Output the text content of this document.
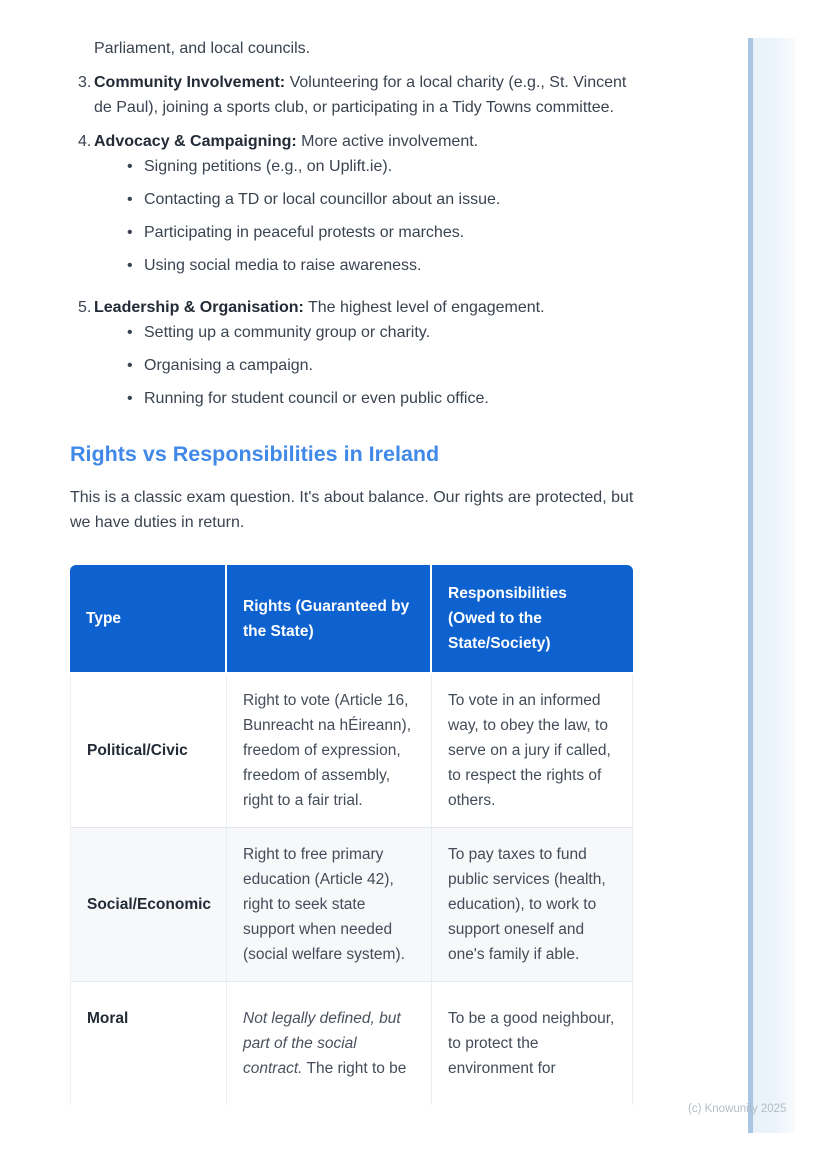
Parliament, and local councils.

3. Community Involvement: Volunteering for a local charity (e.g., St. Vincent de Paul), joining a sports club, or participating in a Tidy Towns committee.
4. Advocacy & Campaigning: More active involvement.
• Signing petitions (e.g., on Uplift.ie).
• Contacting a TD or local councillor about an issue.
• Participating in peaceful protests or marches.
• Using social media to raise awareness.
5. Leadership & Organisation: The highest level of engagement.
• Setting up a community group or charity.
• Organising a campaign.
• Running for student council or even public office.
Rights vs Responsibilities in Ireland

This is a classic exam question. It's about balance. Our rights are protected, but we have duties in return.

Type	Rights (Guaranteed by the State)	Responsibilities (Owed to the State/Society)
Political/Civic	Right to vote (Article 16, Bunreacht na hÉireann), freedom of expression, freedom of assembly, right to a fair trial.	To vote in an informed way, to obey the law, to serve on a jury if called, to respect the rights of others.
Social/Economic	Right to free primary education (Article 42), right to seek state support when needed (social welfare system).	To pay taxes to fund public services (health, education), to work to support oneself and one's family if able.
Moral	Not legally defined, but part of the social contract. The right to be	To be a good neighbour, to protect the environment for
(c) Knowunity 2025
